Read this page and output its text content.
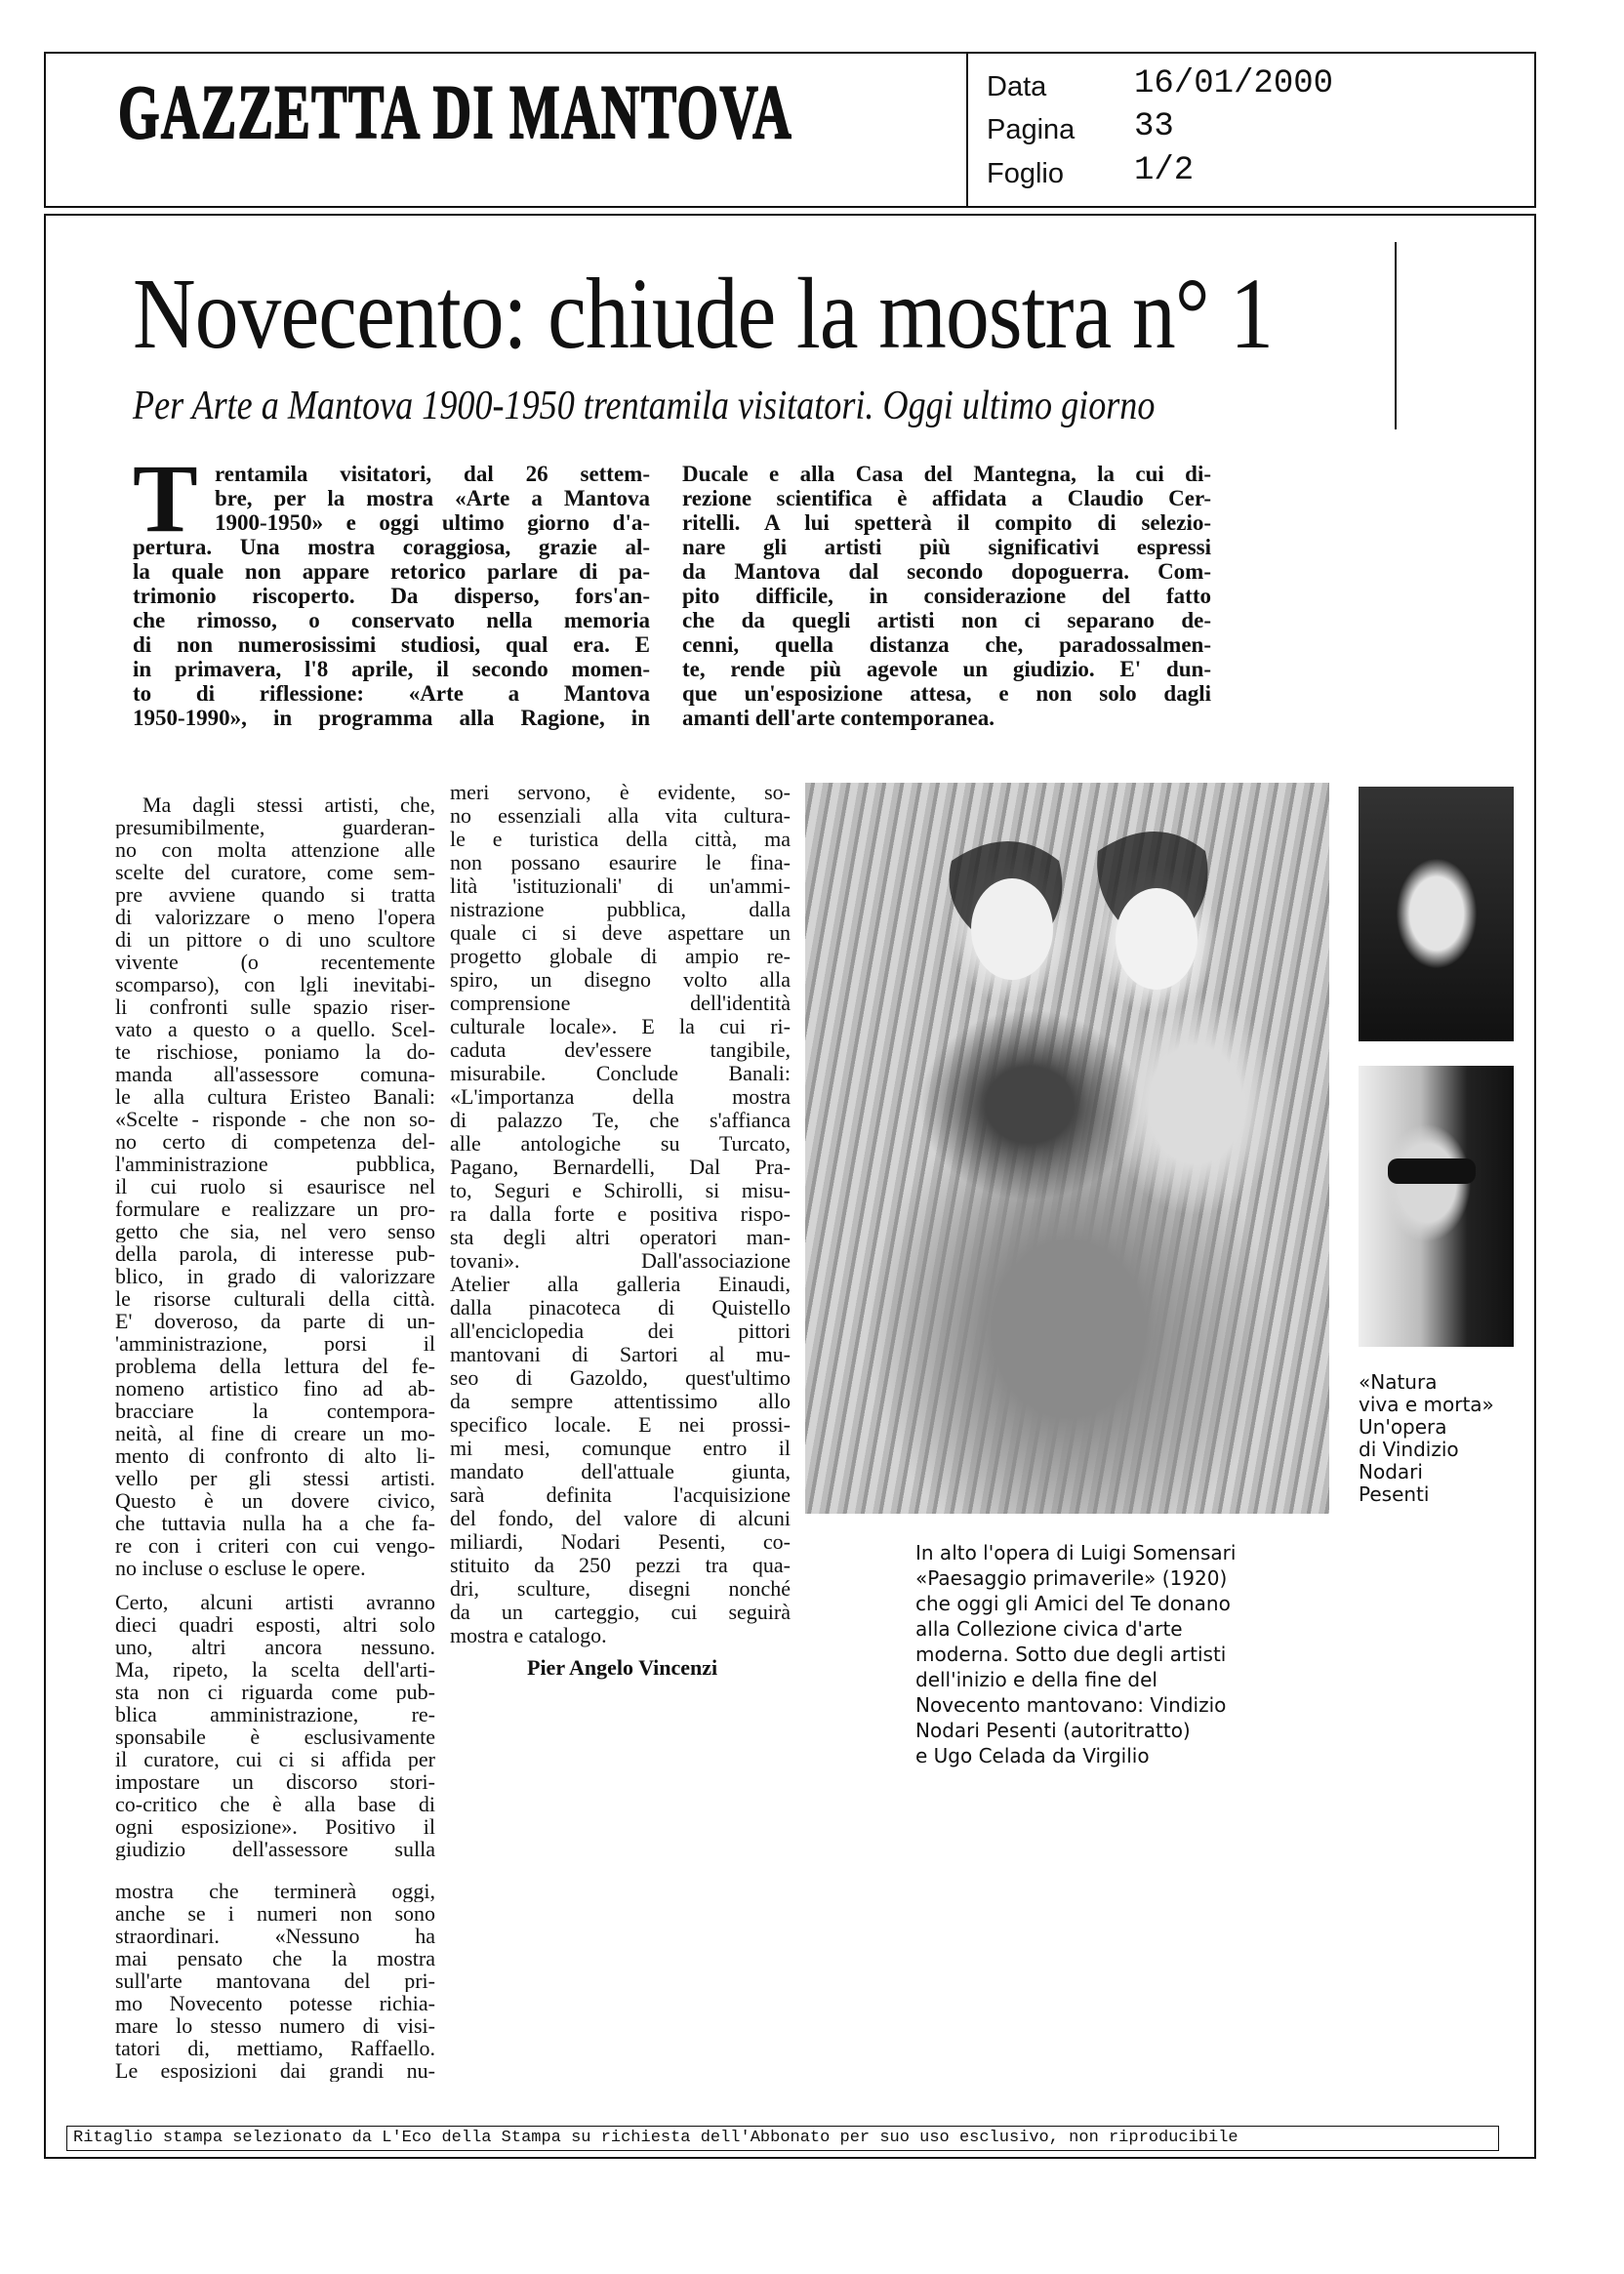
GAZZETTA DI MANTOVA	Data	16/01/2000
Pagina 33
Foglio 1/2
Novecento: chiude la mostra n° 1
Per Arte a Mantova 1900-1950 trentamila visitatori. Oggi ultimo giorno
T rentamila visitatori, dal 26 settem-
bre, per la mostra «Arte a Mantova
1900-1950» e oggi ultimo giorno d'a-
pertura. Una mostra coraggiosa, grazie al-
la quale non appare retorico parlare di pa-
trimonio riscoperto. Da disperso, fors'an-
che rimosso, o conservato nella memoria
di non numerosissimi studiosi, qual era. E
in primavera, l'8 aprile, il secondo momen-
to di riflessione: «Arte a Mantova
1950-1990», in programma alla Ragione, in
Ducale e alla Casa del Mantegna, la cui di-
rezione scientifica è affidata a Claudio Cer-
ritelli. A lui spetterà il compito di selezio-
nare gli artisti più significativi espressi
da Mantova dal secondo dopoguerra. Com-
pito difficile, in considerazione del fatto
che da quegli artisti non ci separano de-
cenni, quella distanza che, paradossalmen-
te, rende più agevole un giudizio. E' dun-
que un'esposizione attesa, e non solo dagli
amanti dell'arte contemporanea.
Ma dagli stessi artisti, che,
presumibilmente, guarderan-
no con molta attenzione alle
scelte del curatore, come sem-
pre avviene quando si tratta
di valorizzare o meno l'opera
di un pittore o di uno scultore
vivente (o recentemente
scomparso), con lgli inevitabi-
li confronti sulle spazio riser-
vato a questo o a quello. Scel-
te rischiose, poniamo la do-
manda all'assessore comuna-
le alla cultura Eristeo Banali:
«Scelte - risponde - che non so-
no certo di competenza del-
l'amministrazione pubblica,
il cui ruolo si esaurisce nel
formulare e realizzare un pro-
getto che sia, nel vero senso
della parola, di interesse pub-
blico, in grado di valorizzare
le risorse culturali della città.
E' doveroso, da parte di un-
'amministrazione, porsi il
problema della lettura del fe-
nomeno artistico fino ad ab-
bracciare la contempora-
neità, al fine di creare un mo-
mento di confronto di alto li-
vello per gli stessi artisti.
Questo è un dovere civico,
che tuttavia nulla ha a che fa-
re con i criteri con cui vengo-
no incluse o escluse le opere.
Certo, alcuni artisti avranno
dieci quadri esposti, altri solo
uno, altri ancora nessuno.
Ma, ripeto, la scelta dell'arti-
sta non ci riguarda come pub-
blica amministrazione, re-
sponsabile è esclusivamente
il curatore, cui ci si affida per
impostare un discorso stori-
co-critico che è alla base di
ogni esposizione». Positivo il
giudizio dell'assessore sulla
mostra che terminerà oggi,
anche se i numeri non sono
straordinari. «Nessuno ha
mai pensato che la mostra
sull'arte mantovana del pri-
mo Novecento potesse richia-
mare lo stesso numero di visi-
tatori di, mettiamo, Raffaello.
Le esposizioni dai grandi nu-
meri servono, è evidente, so-
no essenziali alla vita cultura-
le e turistica della città, ma
non possano esaurire le fina-
lità 'istituzionali' di un'ammi-
nistrazione pubblica, dalla
quale ci si deve aspettare un
progetto globale di ampio re-
spiro, un disegno volto alla
comprensione dell'identità
culturale locale». E la cui ri-
caduta dev'essere tangibile,
misurabile. Conclude Banali:
«L'importanza della mostra
di palazzo Te, che s'affianca
alle antologiche su Turcato,
Pagano, Bernardelli, Dal Pra-
to, Seguri e Schirolli, si misu-
ra dalla forte e positiva rispo-
sta degli altri operatori man-
tovani». Dall'associazione
Atelier alla galleria Einaudi,
dalla pinacoteca di Quistello
all'enciclopedia dei pittori
mantovani di Sartori al mu-
seo di Gazoldo, quest'ultimo
da sempre attentissimo allo
specifico locale. E nei prossi-
mi mesi, comunque entro il
mandato dell'attuale giunta,
sarà definita l'acquisizione
del fondo, del valore di alcuni
miliardi, Nodari Pesenti, co-
stituito da 250 pezzi tra qua-
dri, sculture, disegni nonché
da un carteggio, cui seguirà
mostra e catalogo.
Pier Angelo Vincenzi
In alto l'opera di Luigi Somensari
«Paesaggio primaverile» (1920)
che oggi gli Amici del Te donano
alla Collezione civica d'arte
moderna. Sotto due degli artisti
dell'inizio e della fine del
Novecento mantovano: Vindizio
Nodari Pesenti (autoritratto)
e Ugo Celada da Virgilio
«Natura
viva e morta»
Un'opera
di Vindizio
Nodari
Pesenti
Ritaglio stampa selezionato da L'Eco della Stampa su richiesta dell'Abbonato per suo uso esclusivo, non riproducibile
